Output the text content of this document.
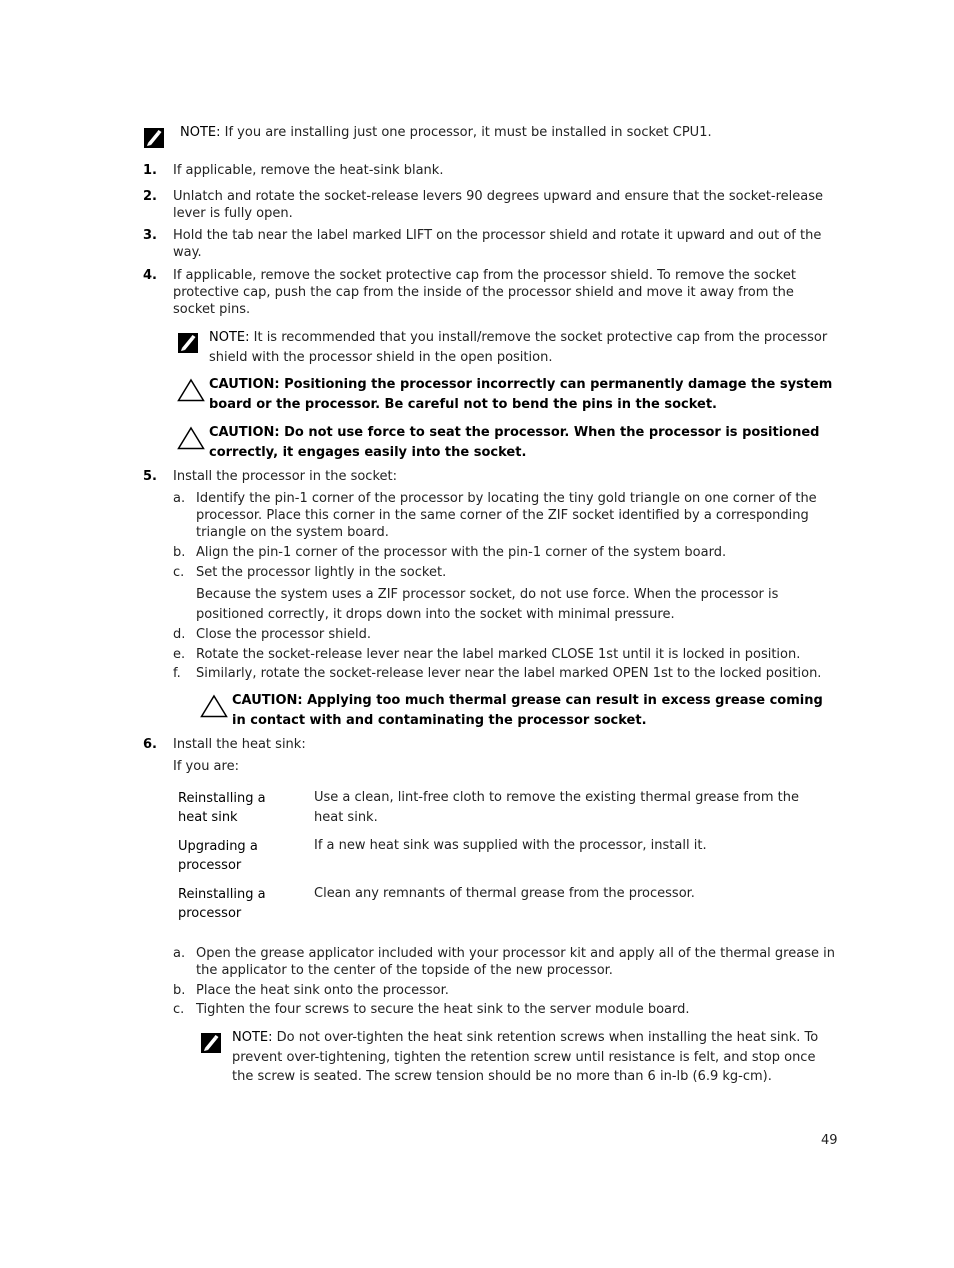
NOTE: If you are installing just one processor, it must be installed in socket CPU1.
1. If applicable, remove the heat-sink blank.
2. Unlatch and rotate the socket-release levers 90 degrees upward and ensure that the socket-release lever is fully open.
3. Hold the tab near the label marked LIFT on the processor shield and rotate it upward and out of the way.
4. If applicable, remove the socket protective cap from the processor shield. To remove the socket protective cap, push the cap from the inside of the processor shield and move it away from the socket pins.
NOTE: It is recommended that you install/remove the socket protective cap from the processor shield with the processor shield in the open position.
CAUTION: Positioning the processor incorrectly can permanently damage the system board or the processor. Be careful not to bend the pins in the socket.
CAUTION: Do not use force to seat the processor. When the processor is positioned correctly, it engages easily into the socket.
5. Install the processor in the socket:
a. Identify the pin-1 corner of the processor by locating the tiny gold triangle on one corner of the processor. Place this corner in the same corner of the ZIF socket identified by a corresponding triangle on the system board.
b. Align the pin-1 corner of the processor with the pin-1 corner of the system board.
c. Set the processor lightly in the socket.
Because the system uses a ZIF processor socket, do not use force. When the processor is positioned correctly, it drops down into the socket with minimal pressure.
d. Close the processor shield.
e. Rotate the socket-release lever near the label marked CLOSE 1st until it is locked in position.
f. Similarly, rotate the socket-release lever near the label marked OPEN 1st to the locked position.
CAUTION: Applying too much thermal grease can result in excess grease coming in contact with and contaminating the processor socket.
6. Install the heat sink:
If you are:
Reinstalling a heat sink
Use a clean, lint-free cloth to remove the existing thermal grease from the heat sink.
Upgrading a processor
If a new heat sink was supplied with the processor, install it.
Reinstalling a processor
Clean any remnants of thermal grease from the processor.
a. Open the grease applicator included with your processor kit and apply all of the thermal grease in the applicator to the center of the topside of the new processor.
b. Place the heat sink onto the processor.
c. Tighten the four screws to secure the heat sink to the server module board.
NOTE: Do not over-tighten the heat sink retention screws when installing the heat sink. To prevent over-tightening, tighten the retention screw until resistance is felt, and stop once the screw is seated. The screw tension should be no more than 6 in-lb (6.9 kg-cm).
49
